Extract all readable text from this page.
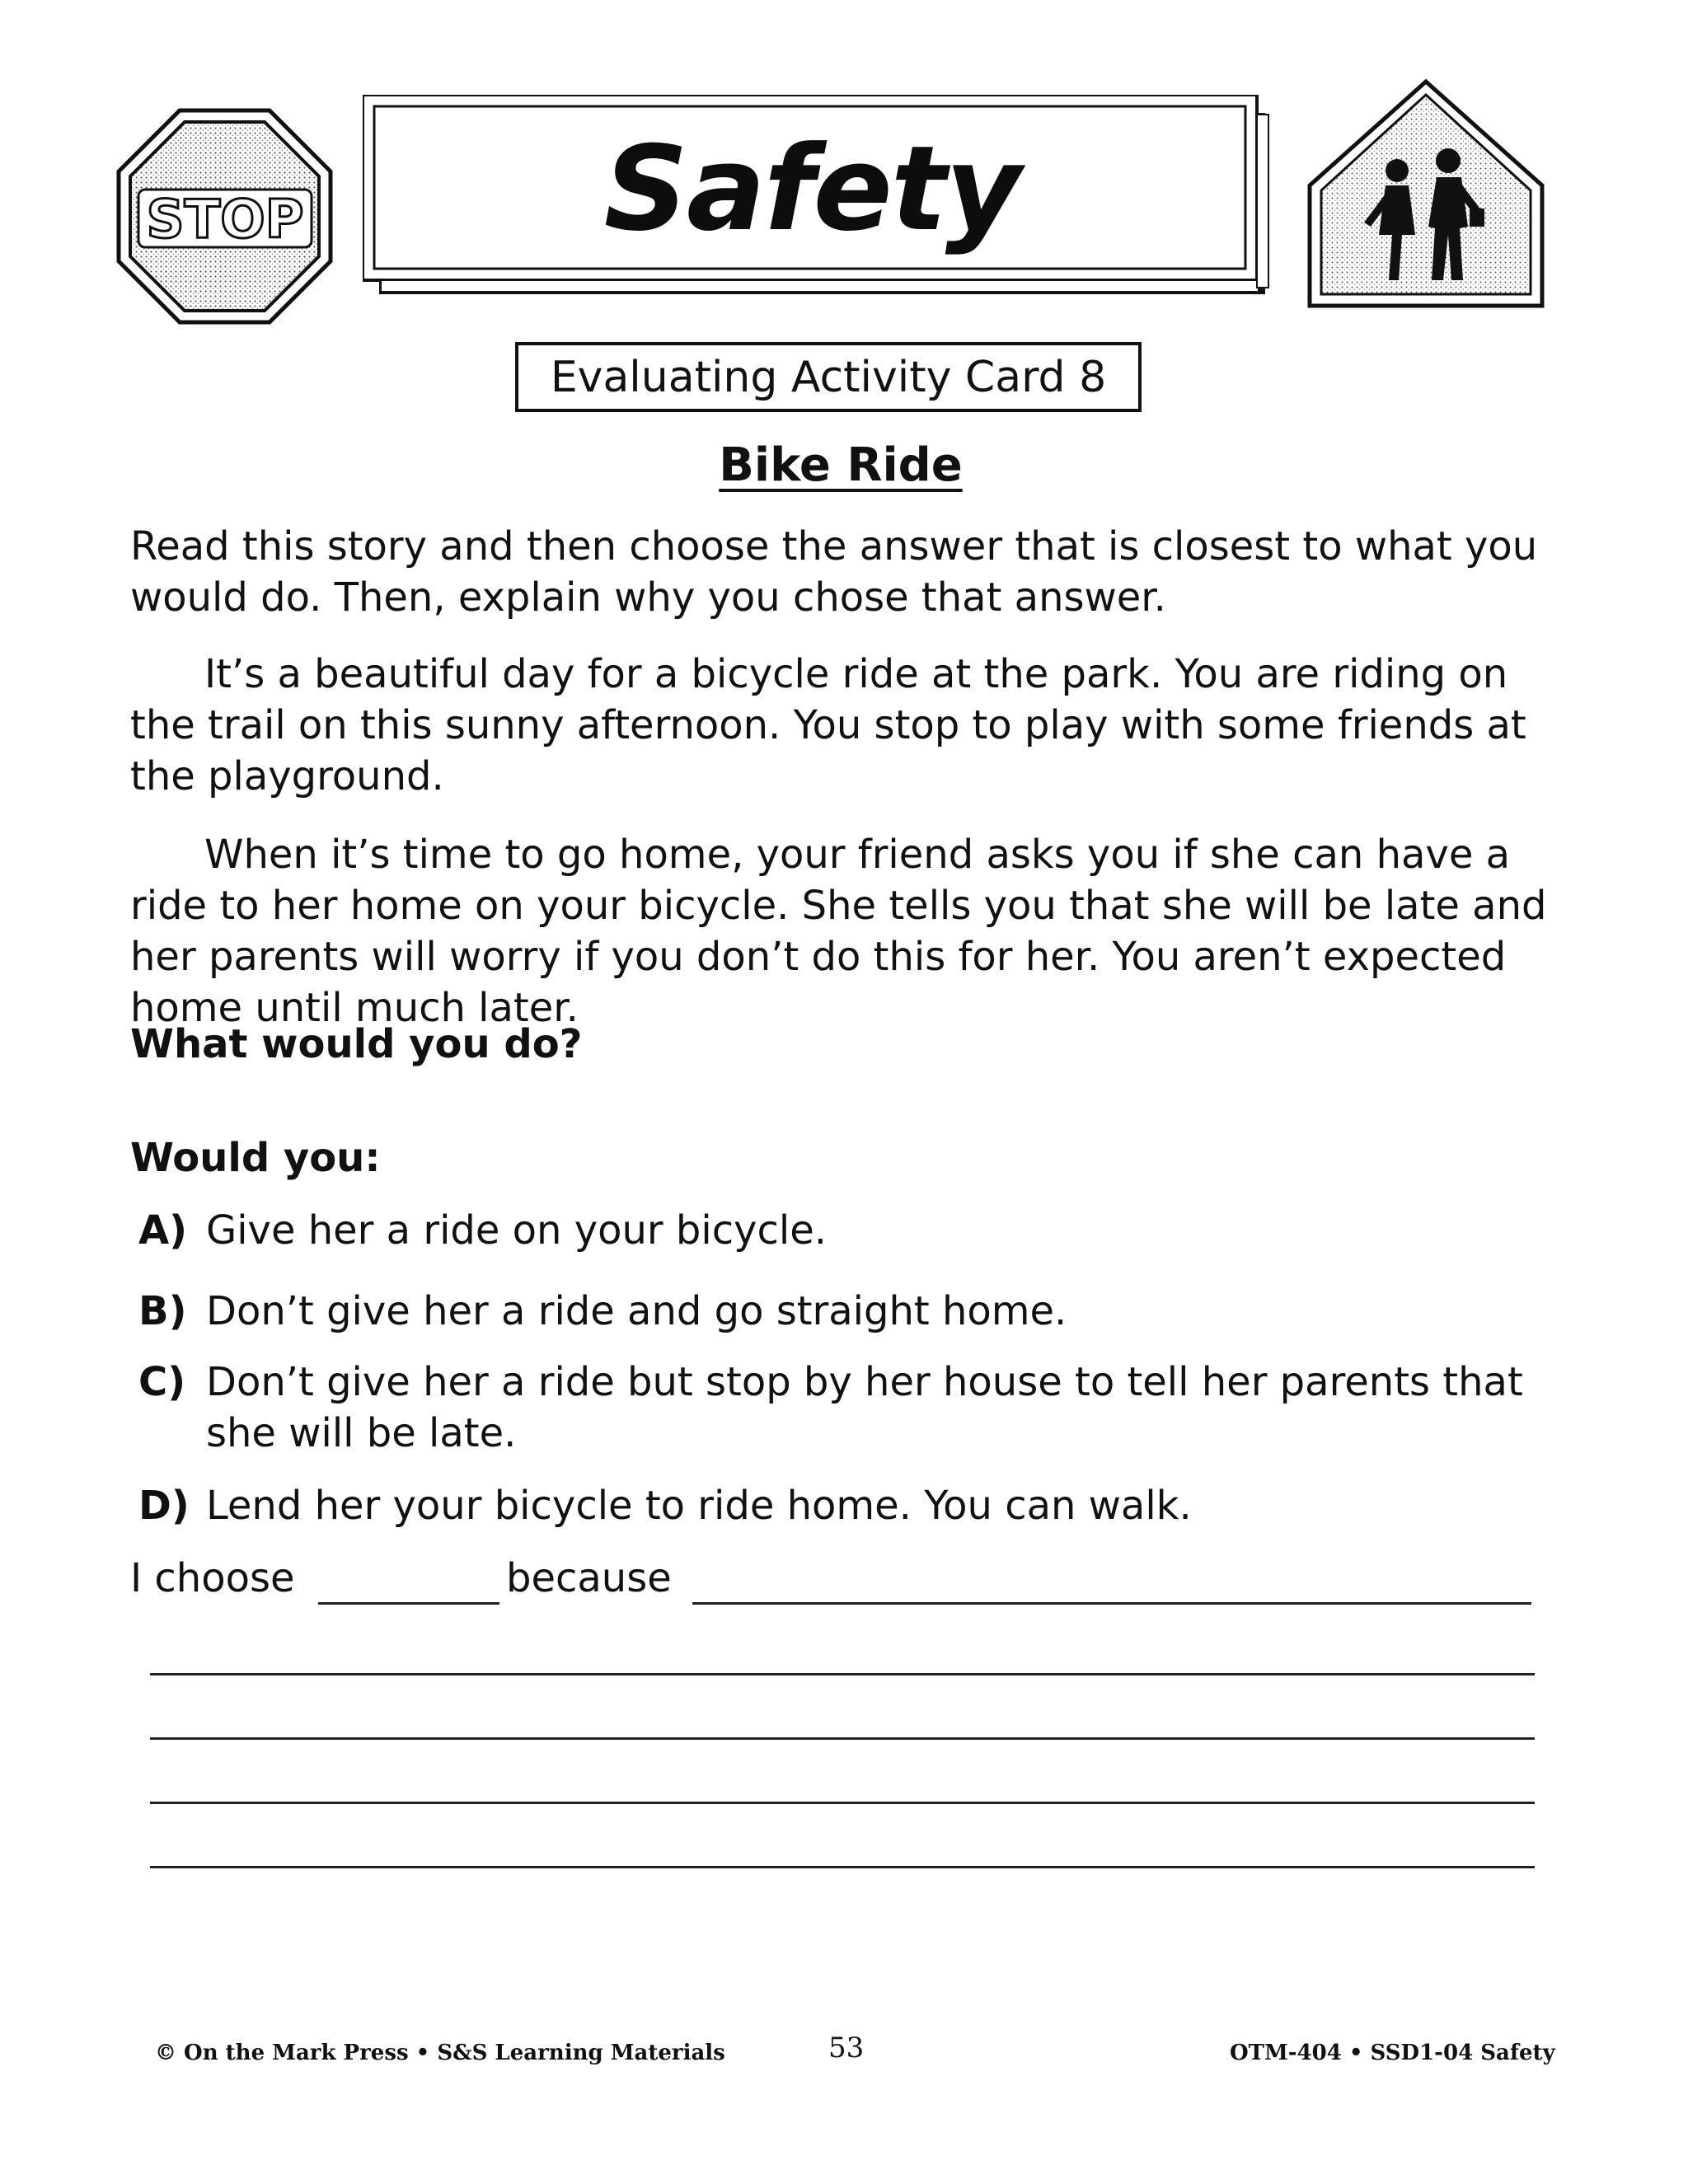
STOP	Safety
Evaluating Activity Card 8
Bike Ride

Read this story and then choose the answer that is closest to what you would do. Then, explain why you chose that answer.

It’s a beautiful day for a bicycle ride at the park. You are riding on the trail on this sunny afternoon. You stop to play with some friends at the playground.

When it’s time to go home, your friend asks you if she can have a ride to her home on your bicycle. She tells you that she will be late and her parents will worry if you don’t do this for her. You aren’t expected home until much later.

What would you do?
Would you:
A) Give her a ride on your bicycle.
B) Don’t give her a ride and go straight home.
C) Don’t give her a ride but stop by her house to tell her parents that she will be late.
D) Lend her your bicycle to ride home. You can walk.
I choose	because
© On the Mark Press • S&S Learning Materials	53	OTM-404 • SSD1-04 Safety
